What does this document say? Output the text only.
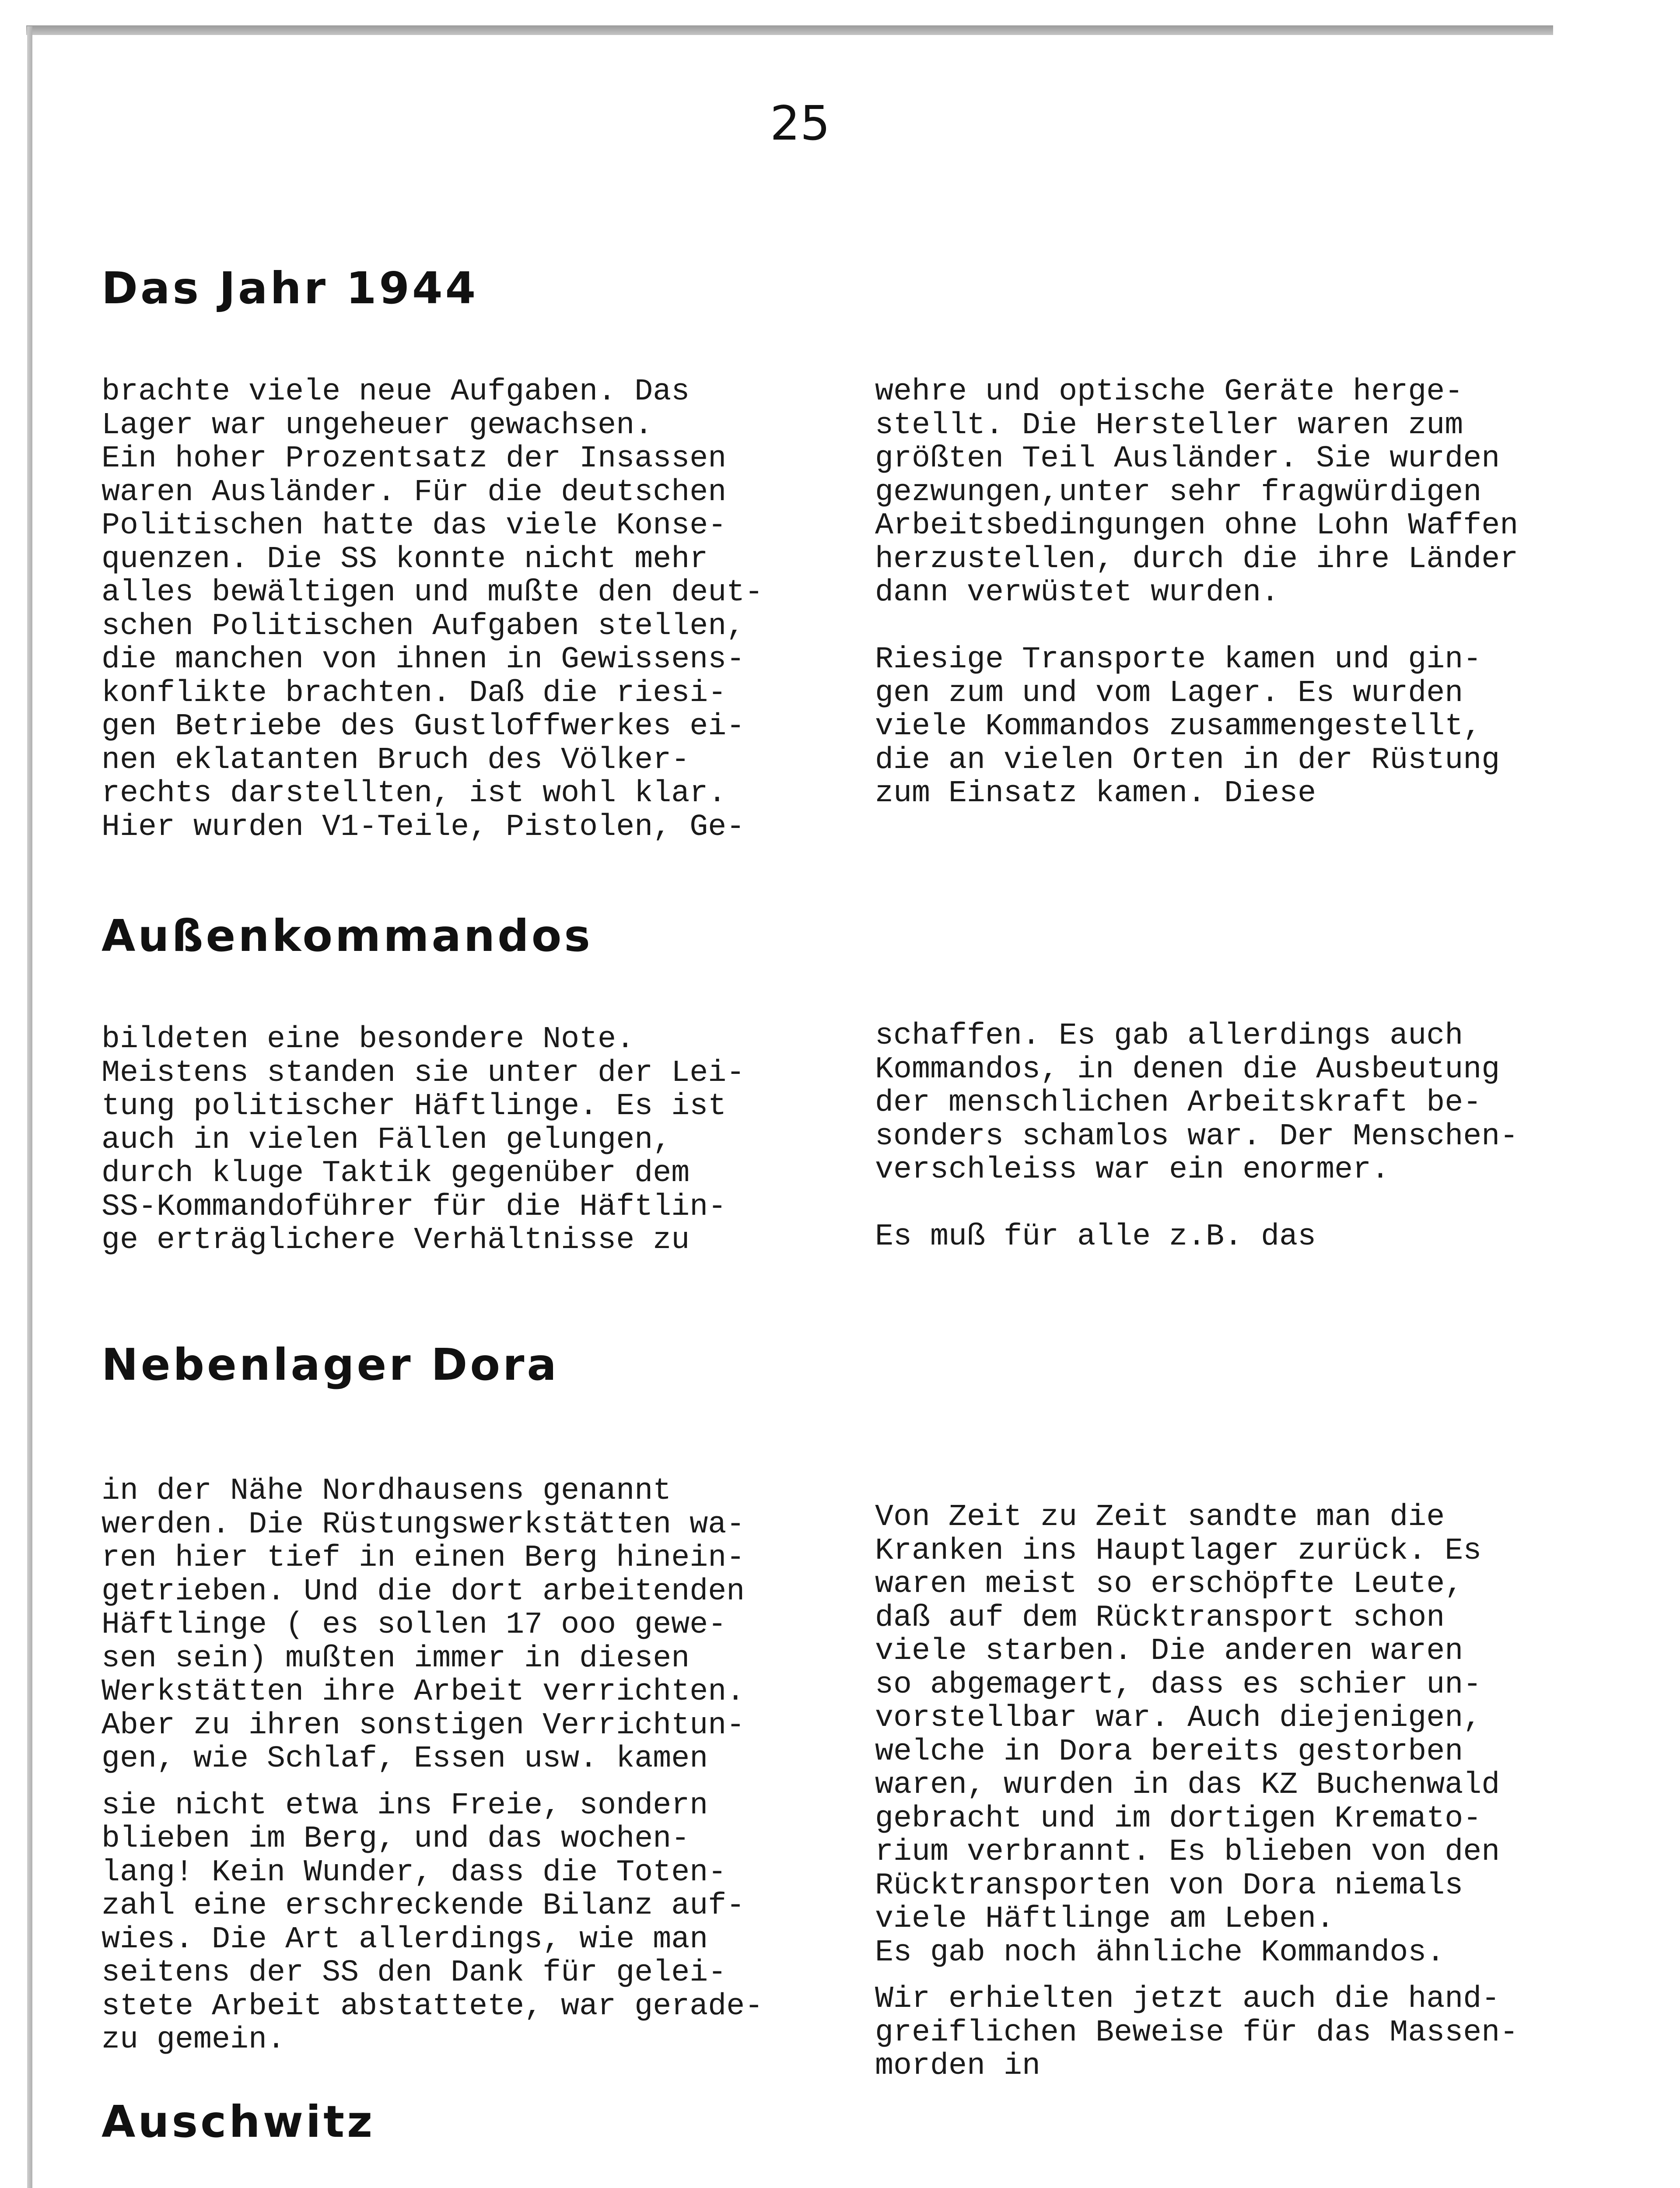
25
Das Jahr 1944
brachte viele neue Aufgaben. Das
Lager war ungeheuer gewachsen.
Ein hoher Prozentsatz der Insassen
waren Ausländer. Für die deutschen
Politischen hatte das viele Konse-
quenzen. Die SS konnte nicht mehr
alles bewältigen und mußte den deut-
schen Politischen Aufgaben stellen,
die manchen von ihnen in Gewissens-
konflikte brachten. Daß die riesi-
gen Betriebe des Gustloffwerkes ei-
nen eklatanten Bruch des Völker-
rechts darstellten, ist wohl klar.
Hier wurden V1-Teile, Pistolen, Ge-
wehre und optische Geräte herge-
stellt. Die Hersteller waren zum
größten Teil Ausländer. Sie wurden
gezwungen,unter sehr fragwürdigen
Arbeitsbedingungen ohne Lohn Waffen
herzustellen, durch die ihre Länder
dann verwüstet wurden.
Riesige Transporte kamen und gin-
gen zum und vom Lager. Es wurden
viele Kommandos zusammengestellt,
die an vielen Orten in der Rüstung
zum Einsatz kamen. Diese
Außenkommandos
bildeten eine besondere Note.
Meistens standen sie unter der Lei-
tung politischer Häftlinge. Es ist
auch in vielen Fällen gelungen,
durch kluge Taktik gegenüber dem
SS-Kommandoführer für die Häftlin-
ge erträglichere Verhältnisse zu
schaffen. Es gab allerdings auch
Kommandos, in denen die Ausbeutung
der menschlichen Arbeitskraft be-
sonders schamlos war. Der Menschen-
verschleiss war ein enormer.
Es muß für alle z.B. das
Nebenlager Dora
in der Nähe Nordhausens genannt
werden. Die Rüstungswerkstätten wa-
ren hier tief in einen Berg hinein-
getrieben. Und die dort arbeitenden
Häftlinge ( es sollen 17 ooo gewe-
sen sein) mußten immer in diesen
Werkstätten ihre Arbeit verrichten.
Aber zu ihren sonstigen Verrichtun-
gen, wie Schlaf, Essen usw. kamen
sie nicht etwa ins Freie, sondern
blieben im Berg, und das wochen-
lang! Kein Wunder, dass die Toten-
zahl eine erschreckende Bilanz auf-
wies. Die Art allerdings, wie man
seitens der SS den Dank für gelei-
stete Arbeit abstattete, war gerade-
zu gemein.
Von Zeit zu Zeit sandte man die
Kranken ins Hauptlager zurück. Es
waren meist so erschöpfte Leute,
daß auf dem Rücktransport schon
viele starben. Die anderen waren
so abgemagert, dass es schier un-
vorstellbar war. Auch diejenigen,
welche in Dora bereits gestorben
waren, wurden in das KZ Buchenwald
gebracht und im dortigen Kremato-
rium verbrannt. Es blieben von den
Rücktransporten von Dora niemals
viele Häftlinge am Leben.
Es gab noch ähnliche Kommandos.
Wir erhielten jetzt auch die hand-
greiflichen Beweise für das Massen-
morden in
Auschwitz
